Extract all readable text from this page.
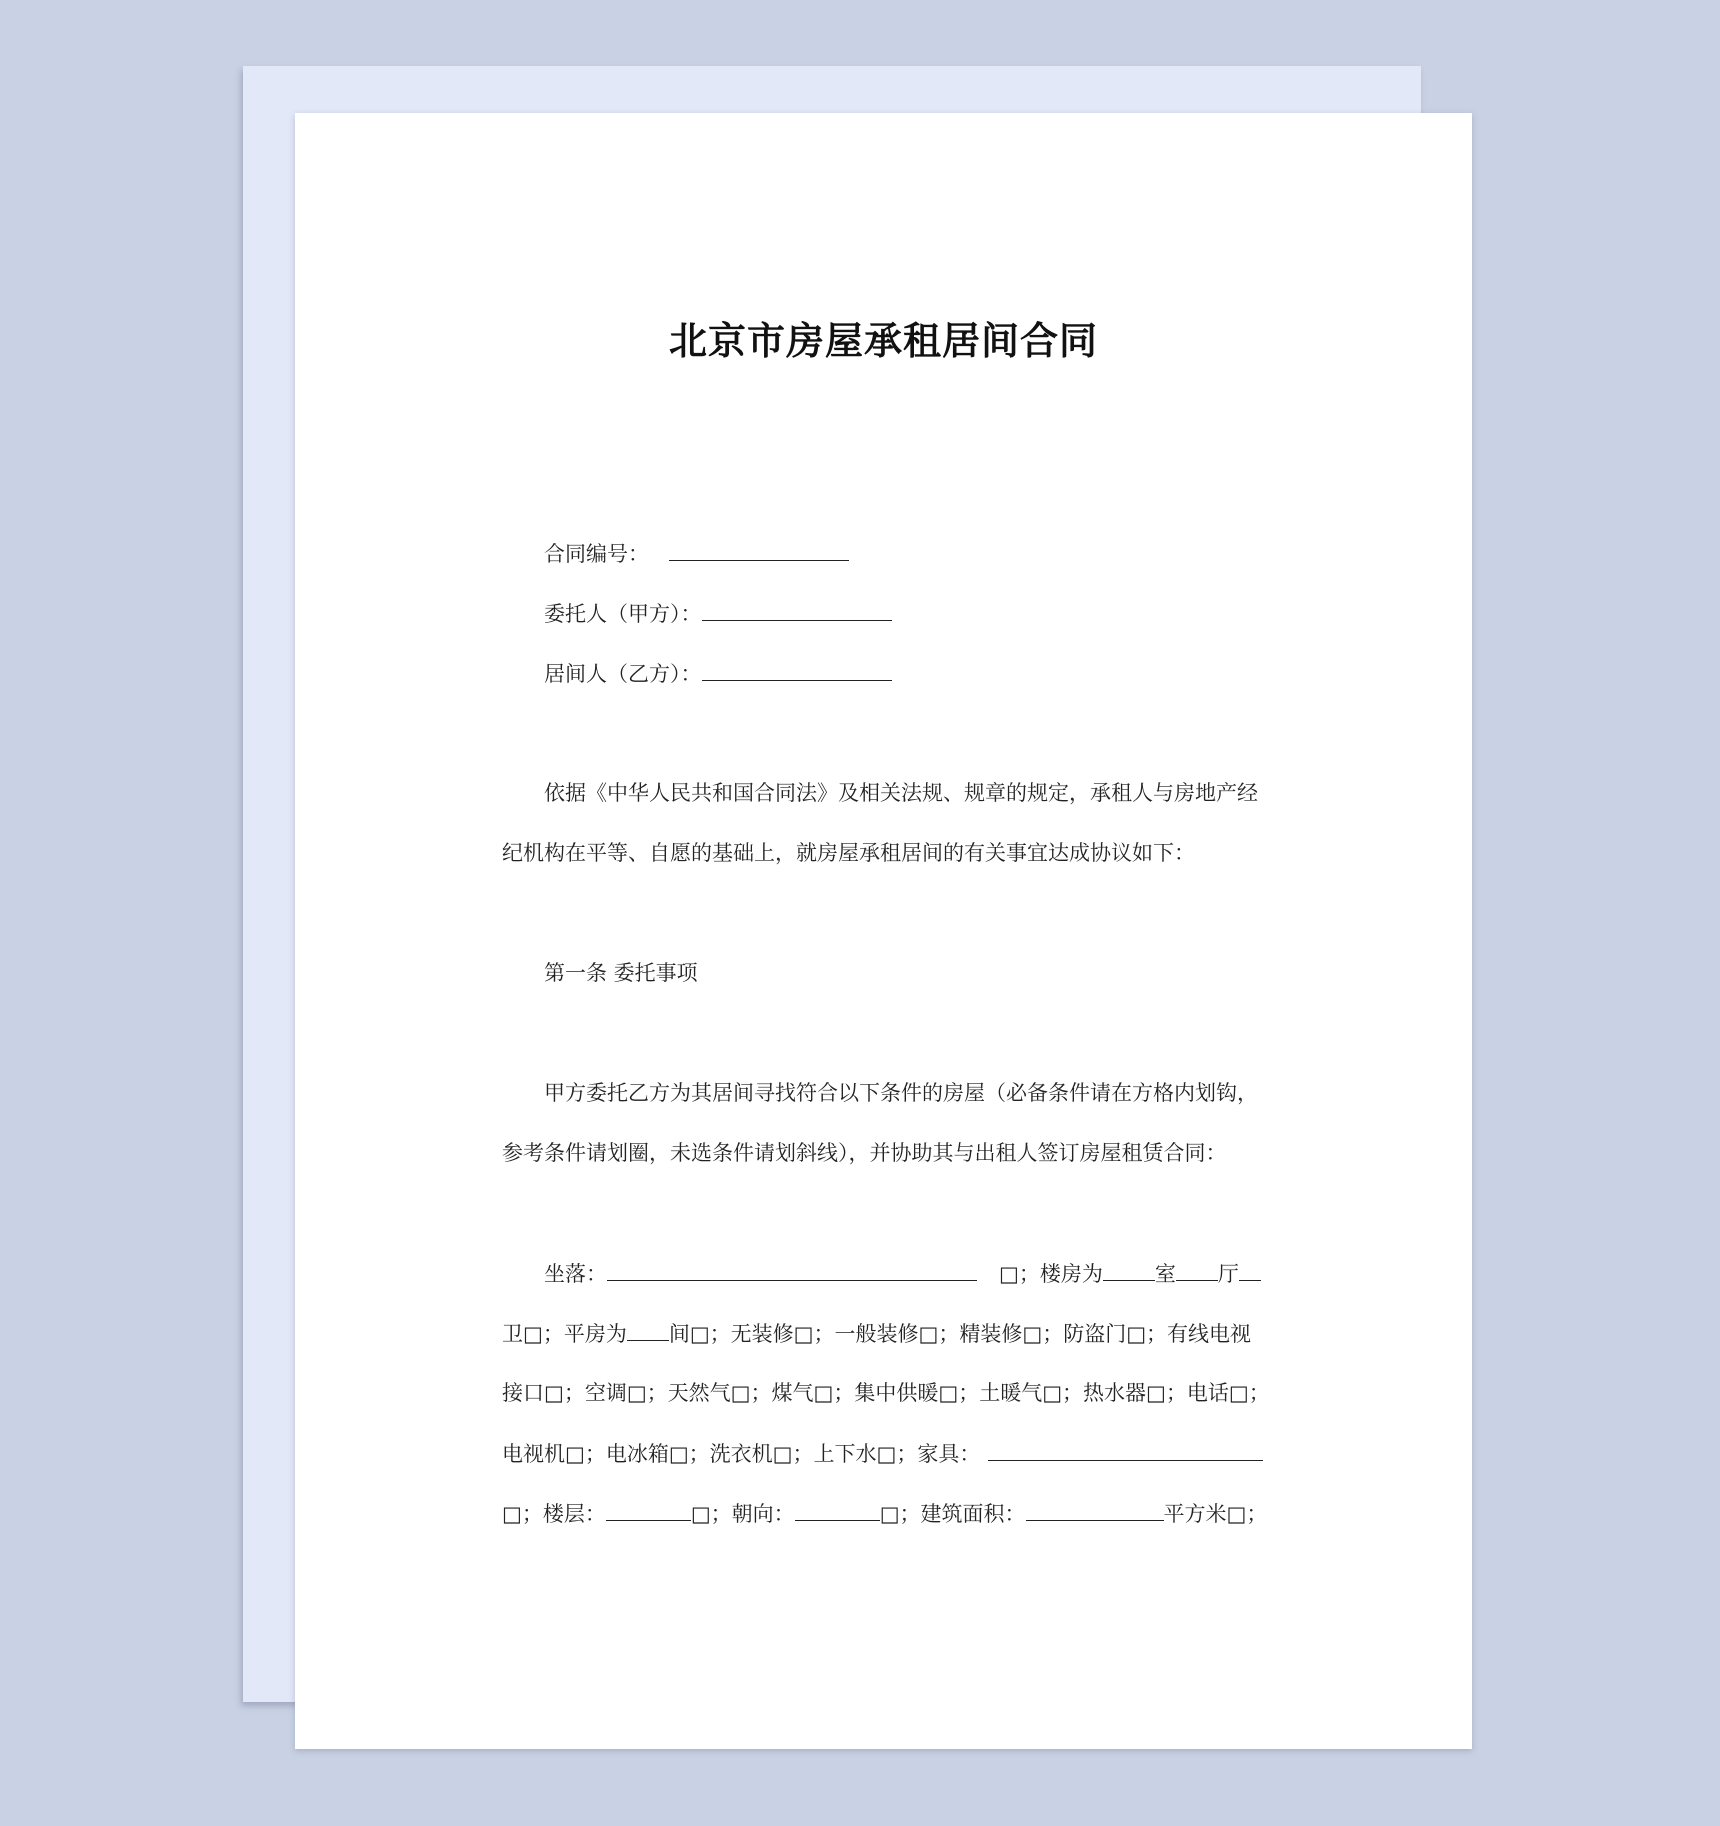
北京市房屋承租居间合同
合同编号：
委托人（甲方）：
居间人（乙方）：
依据《中华人民共和国合同法》及相关法规、规章的规定，承租人与房地产经
纪机构在平等、自愿的基础上，就房屋承租居间的有关事宜达成协议如下：
第一条 委托事项
甲方委托乙方为其居间寻找符合以下条件的房屋（必备条件请在方格内划钩，
参考条件请划圈，未选条件请划斜线），并协助其与出租人签订房屋租赁合同：
坐落：	□；楼房为 室 厅
卫□；平房为 间□；无装修□；一般装修□；精装修□；防盗门□；有线电视
接口□；空调□；天然气□；煤气□；集中供暖□；土暖气□；热水器□；电话□；
电视机□；电冰箱□；洗衣机□；上下水□；家具：
□；楼层：	□；朝向：	□；建筑面积：	平方米□；
